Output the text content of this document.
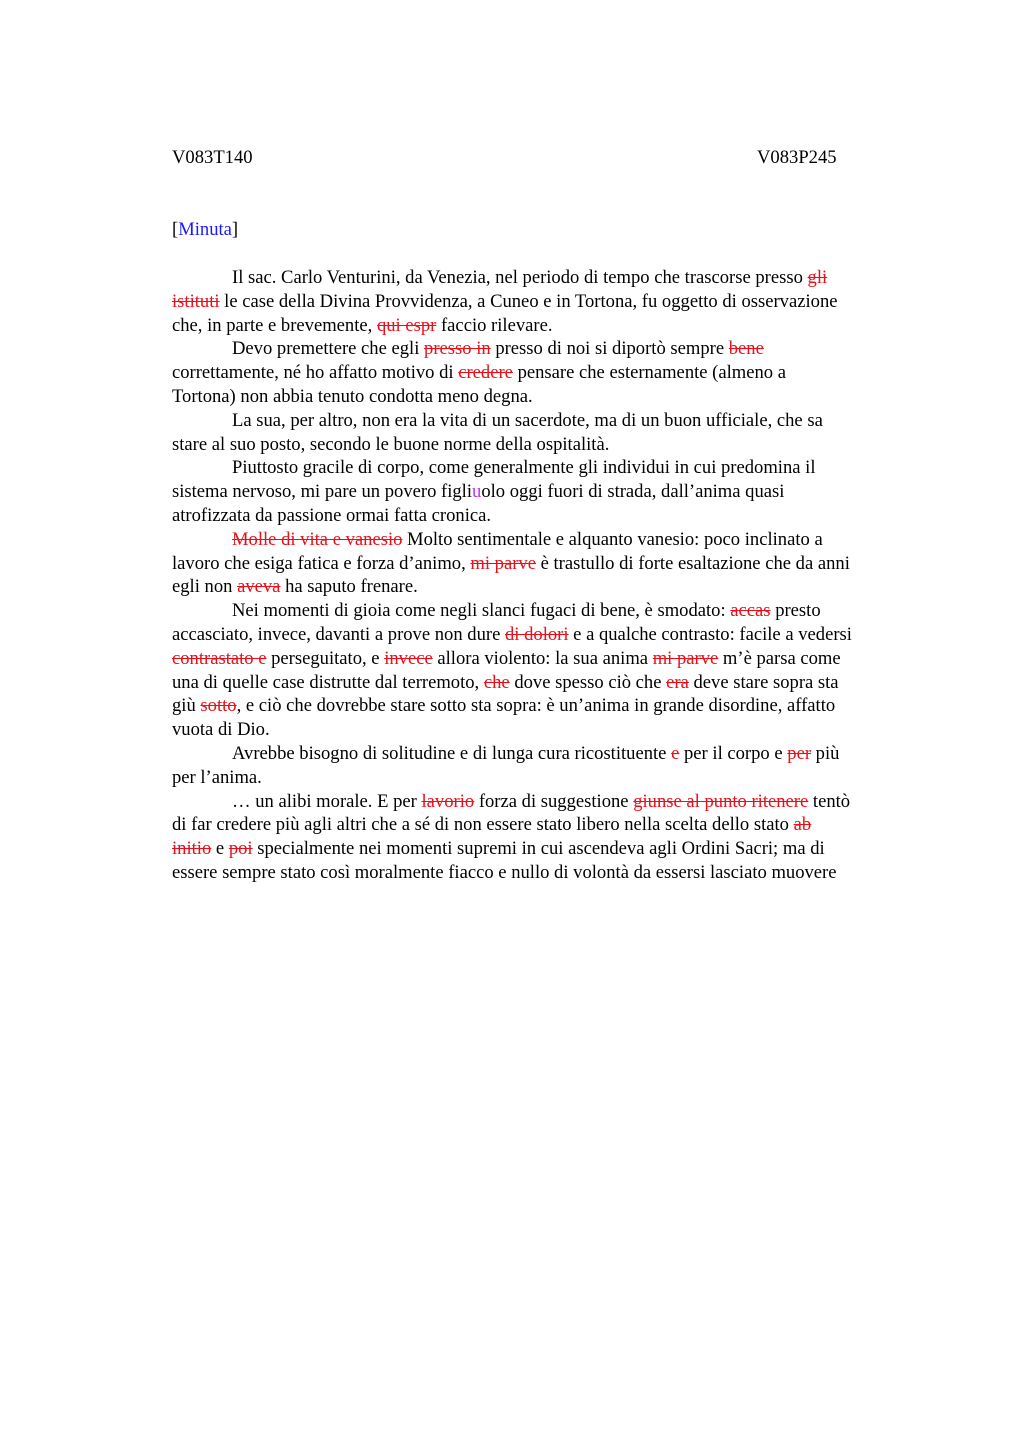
V083T140	V083P245
[Minuta]
Il sac. Carlo Venturini, da Venezia, nel periodo di tempo che trascorse presso gli
istituti le case della Divina Provvidenza, a Cuneo e in Tortona, fu oggetto di osservazione
che, in parte e brevemente, qui espr faccio rilevare.
Devo premettere che egli presso in presso di noi si diportò sempre bene
correttamente, né ho affatto motivo di credere pensare che esternamente (almeno a
Tortona) non abbia tenuto condotta meno degna.
La sua, per altro, non era la vita di un sacerdote, ma di un buon ufficiale, che sa
stare al suo posto, secondo le buone norme della ospitalità.
Piuttosto gracile di corpo, come generalmente gli individui in cui predomina il
sistema nervoso, mi pare un povero figliuolo oggi fuori di strada, dall’anima quasi
atrofizzata da passione ormai fatta cronica.
Molle di vita e vanesio Molto sentimentale e alquanto vanesio: poco inclinato a
lavoro che esiga fatica e forza d’animo, mi parve è trastullo di forte esaltazione che da anni
egli non aveva ha saputo frenare.
Nei momenti di gioia come negli slanci fugaci di bene, è smodato: accas presto
accasciato, invece, davanti a prove non dure di dolori e a qualche contrasto: facile a vedersi
contrastato e perseguitato, e invece allora violento: la sua anima mi parve m’è parsa come
una di quelle case distrutte dal terremoto, che dove spesso ciò che era deve stare sopra sta
giù sotto, e ciò che dovrebbe stare sotto sta sopra: è un’anima in grande disordine, affatto
vuota di Dio.
Avrebbe bisogno di solitudine e di lunga cura ricostituente e per il corpo e per più
per l’anima.
… un alibi morale. E per lavorio forza di suggestione giunse al punto ritenere tentò
di far credere più agli altri che a sé di non essere stato libero nella scelta dello stato ab
initio e poi specialmente nei momenti supremi in cui ascendeva agli Ordini Sacri; ma di
essere sempre stato così moralmente fiacco e nullo di volontà da essersi lasciato muovere
